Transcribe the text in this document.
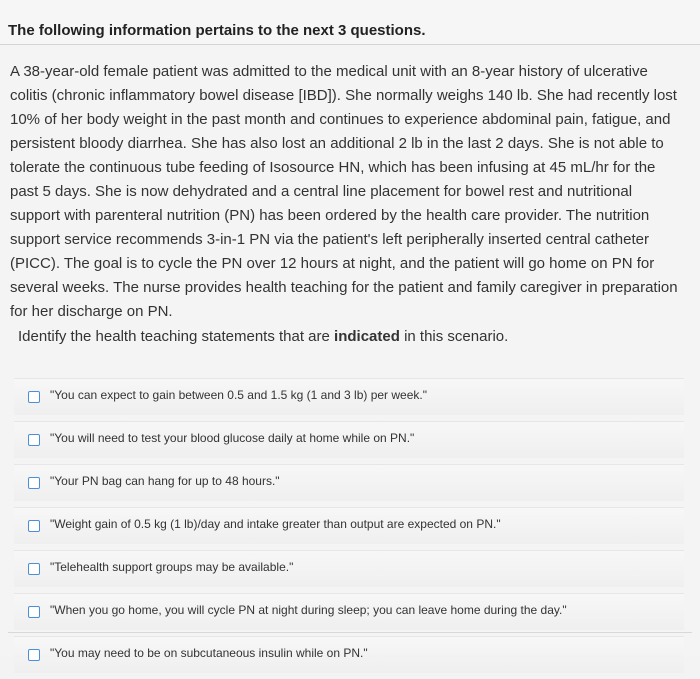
The following information pertains to the next 3 questions.
A 38-year-old female patient was admitted to the medical unit with an 8-year history of ulcerative
colitis (chronic inflammatory bowel disease [IBD]). She normally weighs 140 lb. She had recently lost
10% of her body weight in the past month and continues to experience abdominal pain, fatigue, and
persistent bloody diarrhea. She has also lost an additional 2 lb in the last 2 days. She is not able to
tolerate the continuous tube feeding of Isosource HN, which has been infusing at 45 mL/hr for the
past 5 days. She is now dehydrated and a central line placement for bowel rest and nutritional
support with parenteral nutrition (PN) has been ordered by the health care provider. The nutrition
support service recommends 3-in-1 PN via the patient's left peripherally inserted central catheter
(PICC). The goal is to cycle the PN over 12 hours at night, and the patient will go home on PN for
several weeks. The nurse provides health teaching for the patient and family caregiver in preparation
for her discharge on PN.
Identify the health teaching statements that are indicated in this scenario.
"You can expect to gain between 0.5 and 1.5 kg (1 and 3 lb) per week."
"You will need to test your blood glucose daily at home while on PN."
"Your PN bag can hang for up to 48 hours."
"Weight gain of 0.5 kg (1 lb)/day and intake greater than output are expected on PN."
"Telehealth support groups may be available."
"When you go home, you will cycle PN at night during sleep; you can leave home during the day."
"You may need to be on subcutaneous insulin while on PN."
